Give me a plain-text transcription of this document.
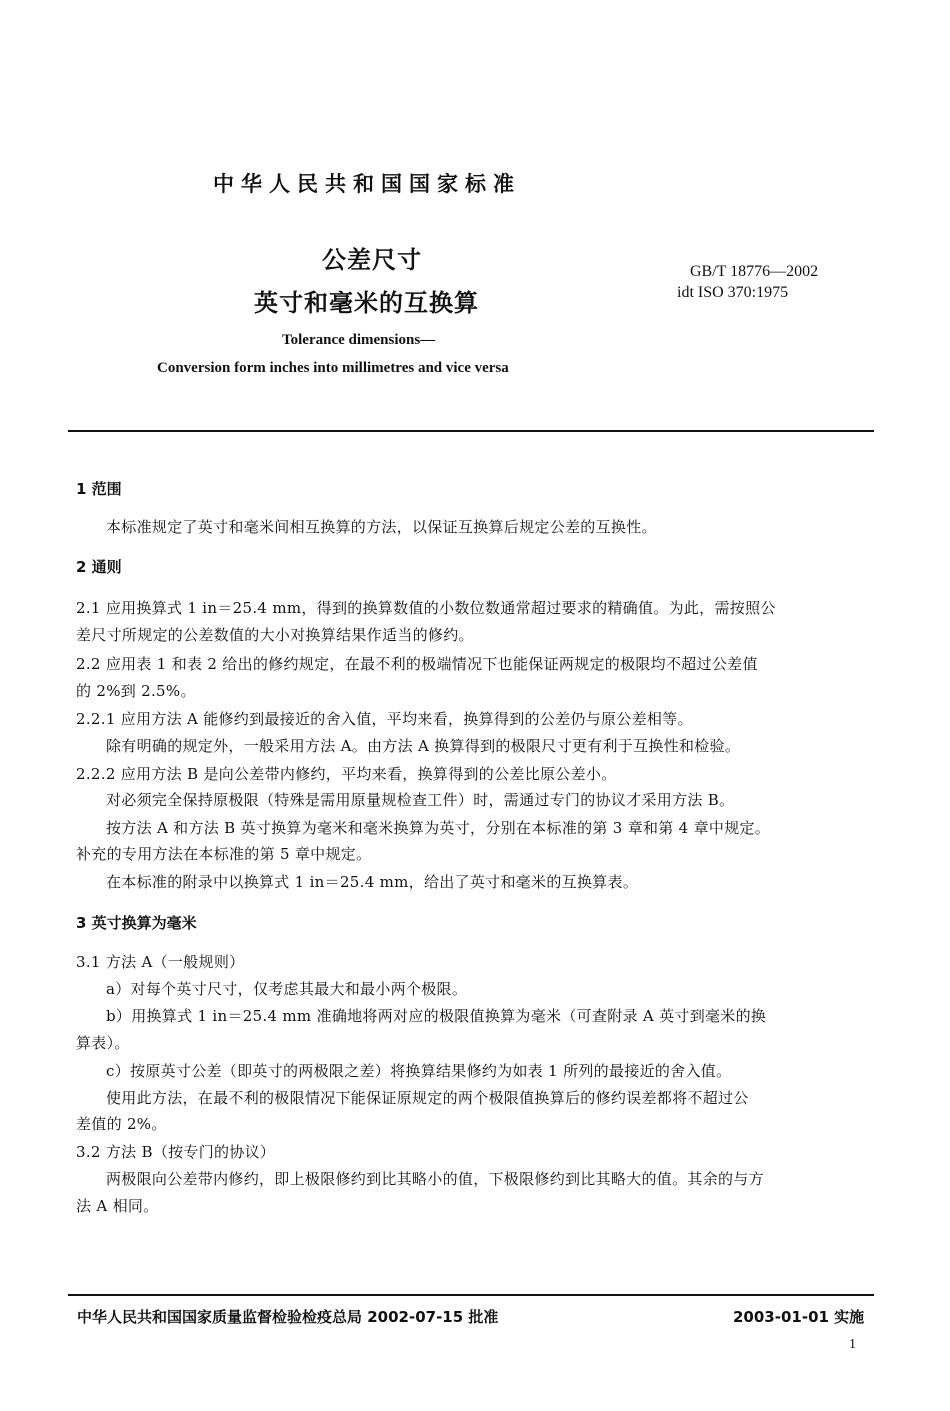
中华人民共和国国家标准
公差尺寸
英寸和毫米的互换算
GB/T 18776—2002
idt ISO 370:1975
Tolerance dimensions—
Conversion form inches into millimetres and vice versa
1 范围
本标准规定了英寸和毫米间相互换算的方法，以保证互换算后规定公差的互换性。
2 通则
2.1 应用换算式 1 in＝25.4 mm，得到的换算数值的小数位数通常超过要求的精确值。为此，需按照公
差尺寸所规定的公差数值的大小对换算结果作适当的修约。
2.2 应用表 1 和表 2 给出的修约规定，在最不利的极端情况下也能保证两规定的极限均不超过公差值
的 2%到 2.5%。
2.2.1 应用方法 A 能修约到最接近的舍入值，平均来看，换算得到的公差仍与原公差相等。
除有明确的规定外，一般采用方法 A。由方法 A 换算得到的极限尺寸更有利于互换性和检验。
2.2.2 应用方法 B 是向公差带内修约，平均来看，换算得到的公差比原公差小。
对必须完全保持原极限（特殊是需用原量规检查工件）时，需通过专门的协议才采用方法 B。
按方法 A 和方法 B 英寸换算为毫米和毫米换算为英寸，分别在本标准的第 3 章和第 4 章中规定。
补充的专用方法在本标准的第 5 章中规定。
在本标准的附录中以换算式 1 in＝25.4 mm，给出了英寸和毫米的互换算表。
3 英寸换算为毫米
3.1 方法 A（一般规则）
a）对每个英寸尺寸，仅考虑其最大和最小两个极限。
b）用换算式 1 in＝25.4 mm 准确地将两对应的极限值换算为毫米（可查附录 A 英寸到毫米的换
算表）。
c）按原英寸公差（即英寸的两极限之差）将换算结果修约为如表 1 所列的最接近的舍入值。
使用此方法，在最不利的极限情况下能保证原规定的两个极限值换算后的修约误差都将不超过公
差值的 2%。
3.2 方法 B（按专门的协议）
两极限向公差带内修约，即上极限修约到比其略小的值，下极限修约到比其略大的值。其余的与方
法 A 相同。
中华人民共和国国家质量监督检验检疫总局 2002-07-15 批准	2003-01-01 实施
1
